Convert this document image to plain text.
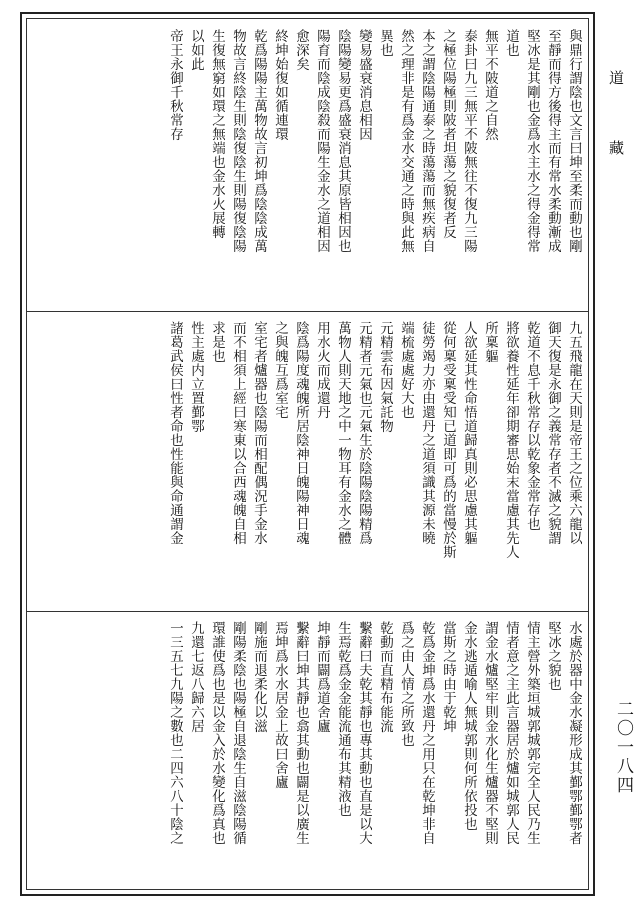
與鼎行謂陰也文言曰坤至柔而動也剛
至靜而得方後得主而有常水柔動漸成
堅冰是其剛也金爲水主水之得金得常
道也
無平不陂道之自然
泰卦曰九三無平不陂無往不復九三陽
之極位陽極則陂者坦蕩之貌復者反
本之謂陰陽通泰之時蕩蕩而無疾病自
然之理非是有爲金水交通之時與此無
異也
變易盛衰消息相因
陰陽變易更爲盛衰消息其原皆相因也
陽育而陰成陰殺而陽生金水之道相因
愈深矣
終坤始復如循連環
乾爲陽陽主萬物故言初坤爲陰陰成萬
物故言終陰生則陰復陰生則陽復陰陽
生復無窮如環之無端也金水火展轉
以如此
帝王永御千秋常存
九五飛龍在天則是帝王之位乘六龍以
御天復是永御之義常存者不滅之貌謂
乾道不息千秋常存以乾象金常存也
將欲養性延年卻期審思始末當慮其先人
所稟軀
人欲延其性命悟道歸真則必思慮其軀
從何稟受稟受知已道即可爲的當慢於斯
徒勞竭力亦由還丹之道須識其源未曉
端梳處處好大也
元精雲布因氣託物
元精者元氣也元氣生於陰陽陰陽精爲
萬物人則天地之中一物耳有金水之體
用水火而成還丹
陰爲陽度魂魄所居陰神日魄陽神日魂
之與魄互爲室宅
室宅者爐器也陰陽而相配偶況手金水
而不相須上經曰寒東以合西魂魄自相
求是也
性主處内立置鄞鄂
諸葛武侯曰性者命也性能與命通謂金
水處於器中金水凝形成其鄞鄂鄞鄂者
堅冰之貌也
情主營外築垣城郭城郭完全人民乃生
情者意之主此言器居於爐如城郭人民
謂金水爐堅牢則金水化生爐器不堅則
金水逃遁喻人無城郭則何所依投也
當斯之時由于乾坤
乾爲金坤爲水還丹之用只在乾坤非自
爲之由人情之所致也
乾動而直精布能流
繫辭曰夫乾其靜也專其動也直是以大
生焉乾爲金金能流通布其精液也
坤靜而闢爲道舍廬
繫辭曰坤其靜也翕其動也闢是以廣生
焉坤爲水水居金上故曰舍廬
剛施而退柔化以滋
剛陽柔陰也陽極自退陰生自滋陰陽循
環誰使爲也是以金入於水變化爲真也
九還七返八歸六居
一三五七九陽之數也二四六八十陰之
道
藏
二〇一八四
